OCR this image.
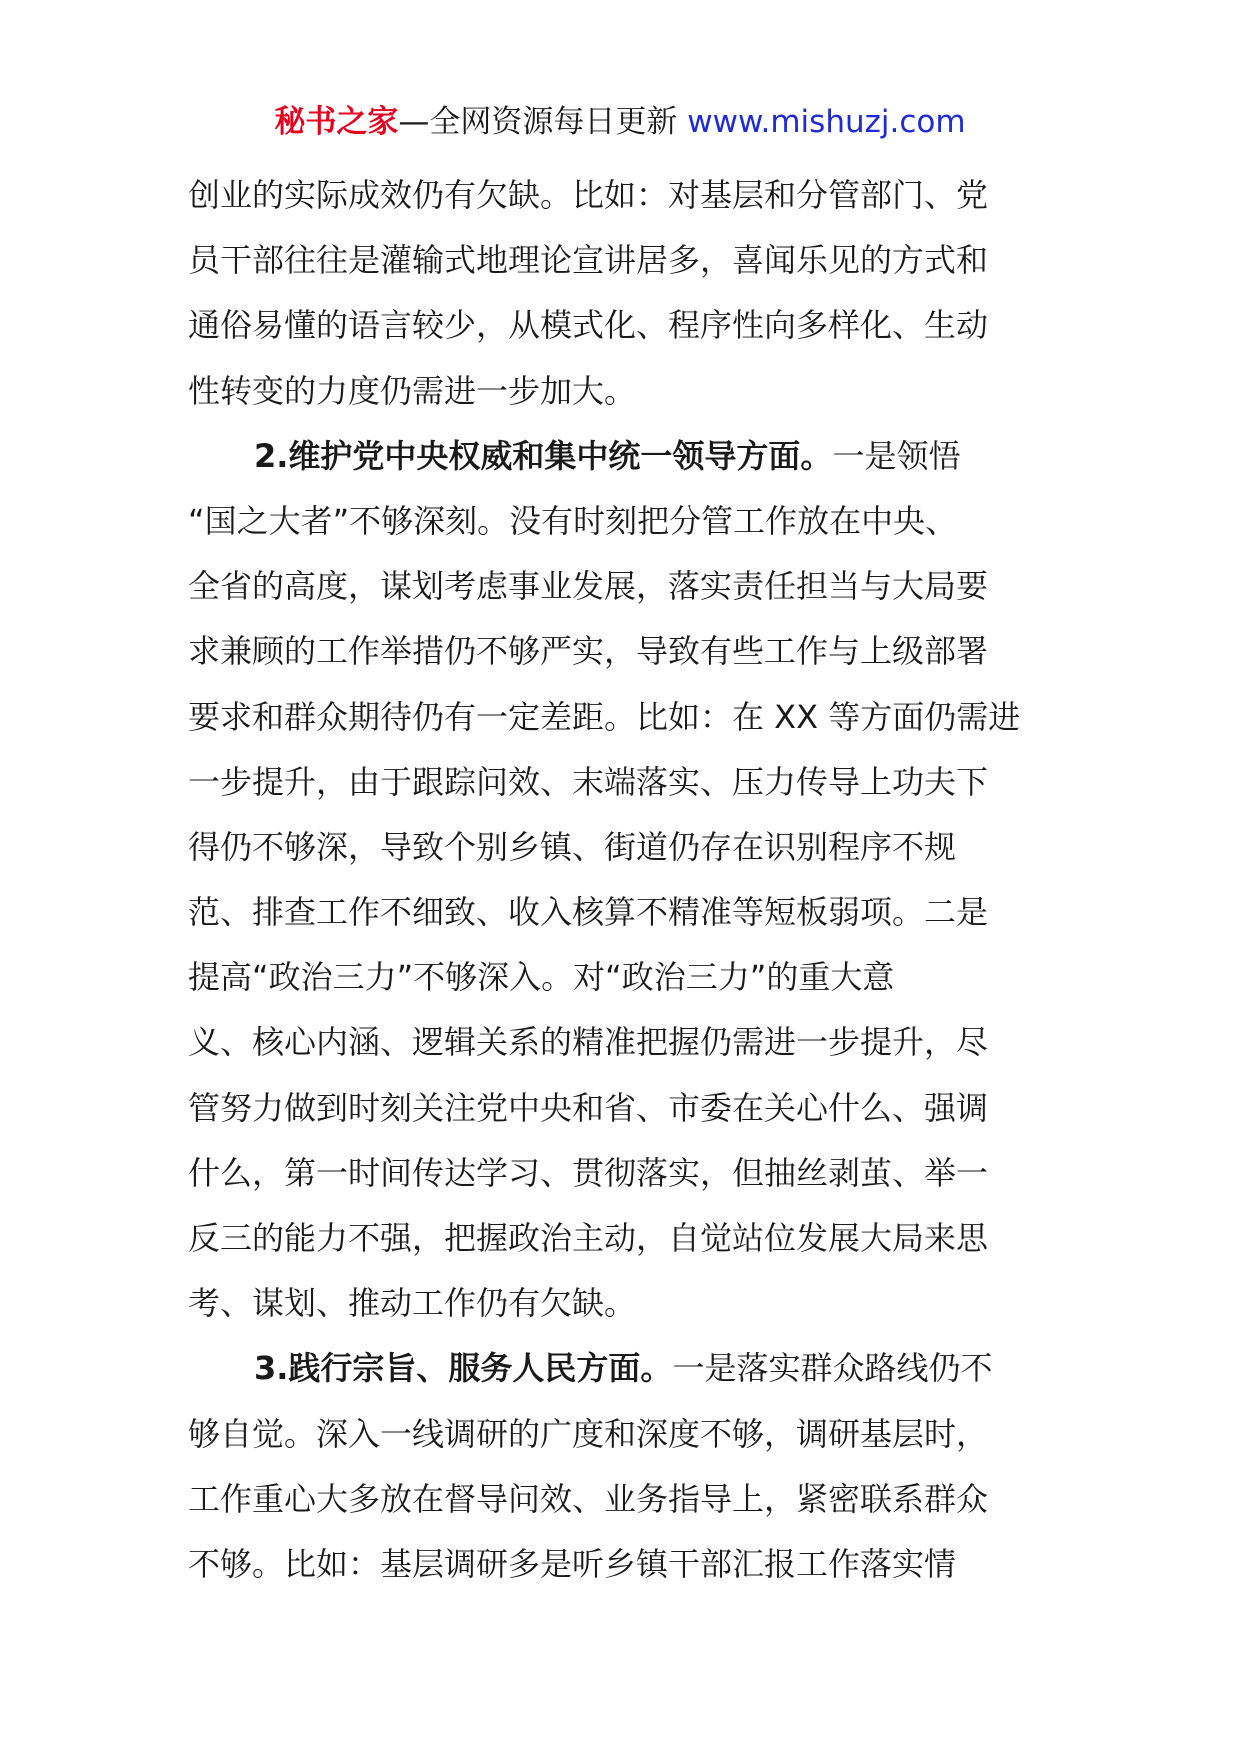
秘书之家—全网资源每日更新 www.mishuzj.com
创业的实际成效仍有欠缺。比如：对基层和分管部门、党
员干部往往是灌输式地理论宣讲居多，喜闻乐见的方式和
通俗易懂的语言较少，从模式化、程序性向多样化、生动
性转变的力度仍需进一步加大。
2.维护党中央权威和集中统一领导方面。一是领悟
“国之大者”不够深刻。没有时刻把分管工作放在中央、
全省的高度，谋划考虑事业发展，落实责任担当与大局要
求兼顾的工作举措仍不够严实，导致有些工作与上级部署
要求和群众期待仍有一定差距。比如：在 XX 等方面仍需进
一步提升，由于跟踪问效、末端落实、压力传导上功夫下
得仍不够深，导致个别乡镇、街道仍存在识别程序不规
范、排查工作不细致、收入核算不精准等短板弱项。二是
提高“政治三力”不够深入。对“政治三力”的重大意
义、核心内涵、逻辑关系的精准把握仍需进一步提升，尽
管努力做到时刻关注党中央和省、市委在关心什么、强调
什么，第一时间传达学习、贯彻落实，但抽丝剥茧、举一
反三的能力不强，把握政治主动，自觉站位发展大局来思
考、谋划、推动工作仍有欠缺。
3.践行宗旨、服务人民方面。一是落实群众路线仍不
够自觉。深入一线调研的广度和深度不够，调研基层时，
工作重心大多放在督导问效、业务指导上，紧密联系群众
不够。比如：基层调研多是听乡镇干部汇报工作落实情
